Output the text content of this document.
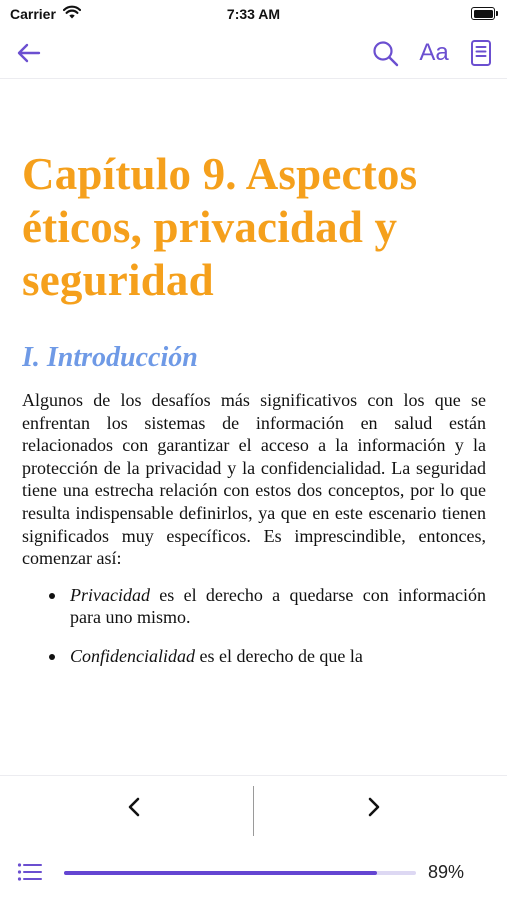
Carrier	7:33 AM
Aa
Capítulo 9. Aspectos éticos, privacidad y seguridad
I. Introducción

Algunos de los desafíos más significativos con los que se enfrentan los sistemas de información en salud están relacionados con garantizar el acceso a la información y la protección de la privacidad y la confidencialidad. La seguridad tiene una estrecha relación con estos dos conceptos, por lo que resulta indispensable definirlos, ya que en este escenario tienen significados muy específicos. Es imprescindible, entonces, comenzar así:

Privacidad es el derecho a quedarse con información para uno mismo.
Confidencialidad es el derecho de que la
89%
